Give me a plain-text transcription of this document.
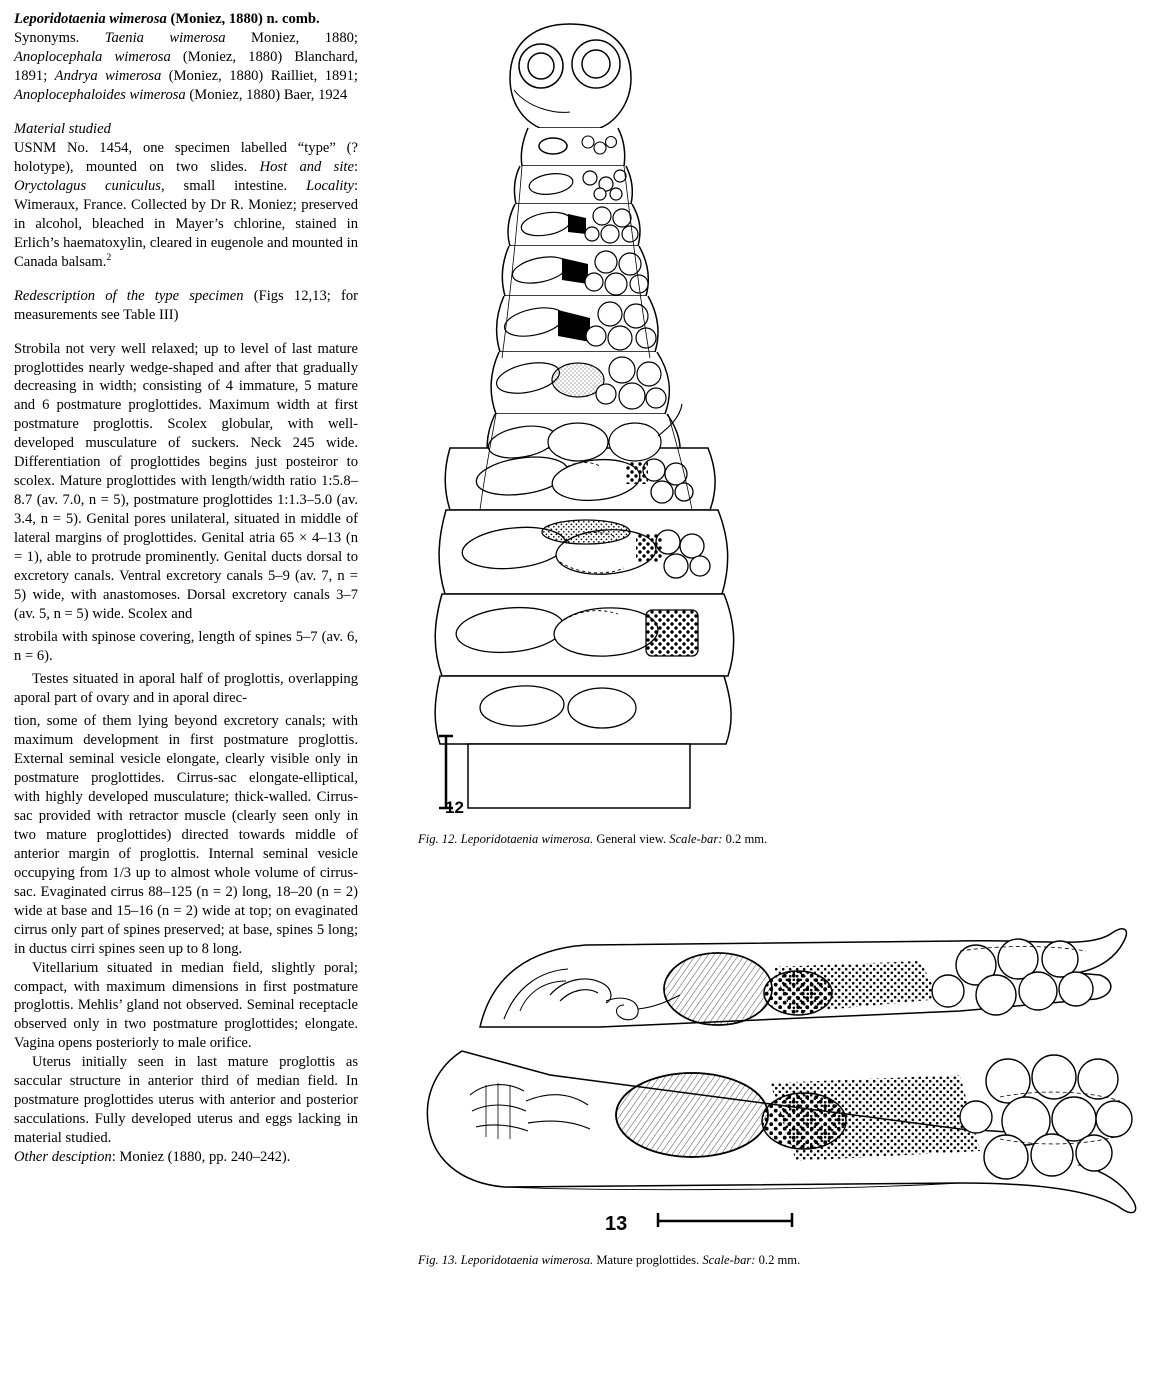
Leporidotaenia wimerosa (Moniez, 1880) n. comb.

Synonyms. Taenia wimerosa Moniez, 1880; Anoplocephala wimerosa (Moniez, 1880) Blanchard, 1891; Andrya wimerosa (Moniez, 1880) Railliet, 1891; Anoplocephaloides wimerosa (Moniez, 1880) Baer, 1924

Material studied

USNM No. 1454, one specimen labelled “type” (? holotype), mounted on two slides. Host and site: Oryctolagus cuniculus, small intestine. Locality: Wimeraux, France. Collected by Dr R. Moniez; preserved in alcohol, bleached in Mayer’s chlorine, stained in Erlich’s haematoxylin, cleared in eugenole and mounted in Canada balsam.$^2$

Redescription of the type specimen (Figs 12,13; for measurements see Table III)

Strobila not very well relaxed; up to level of last mature proglottides nearly wedge-shaped and after that gradually decreasing in width; consisting of 4 immature, 5 mature and 6 postmature proglottides. Maximum width at first postmature proglottis. Scolex globular, with well-developed musculature of suckers. Neck 245 wide. Differentiation of proglottides begins just posteiror to scolex. Mature proglottides with length/width ratio 1:5.8–8.7 (av. 7.0, n = 5), postmature proglottides 1:1.3–5.0 (av. 3.4, n = 5). Genital pores unilateral, situated in middle of lateral margins of proglottides. Genital atria 65 × 4–13 (n = 1), able to protrude prominently. Genital ducts dorsal to excretory canals. Ventral excretory canals 5–9 (av. 7, n = 5) wide, with anastomoses. Dorsal excretory canals 3–7 (av. 5, n = 5) wide. Scolex and

strobila with spinose covering, length of spines 5–7 (av. 6, n = 6).

Testes situated in aporal half of proglottis, overlapping aporal part of ovary and in aporal direc-

tion, some of them lying beyond excretory canals; with maximum development in first postmature proglottis. External seminal vesicle elongate, clearly visible only in postmature proglottides. Cirrus-sac elongate-elliptical, with highly developed musculature; thick-walled. Cirrus-sac provided with retractor muscle (clearly seen only in two mature proglottides) directed towards middle of anterior margin of proglottis. Internal seminal vesicle occupying from 1/3 up to almost whole volume of cirrus-sac. Evaginated cirrus 88–125 (n = 2) long, 18–20 (n = 2) wide at base and 15–16 (n = 2) wide at top; on evaginated cirrus only part of spines preserved; at base, spines 5 long; in ductus cirri spines seen up to 8 long.

Vitellarium situated in median field, slightly poral; compact, with maximum dimensions in first postmature proglottis. Mehlis’ gland not observed. Seminal receptacle observed only in two postmature proglottides; elongate. Vagina opens posteriorly to male orifice.

Uterus initially seen in last mature proglottis as saccular structure in anterior third of median field. In postmature proglottides uterus with anterior and posterior sacculations. Fully developed uterus and eggs lacking in material studied.

Other desciption: Moniez (1880, pp. 240–242).

12
Fig. 12. Leporidotaenia wimerosa. General view. Scale-bar: 0.2 mm.
13
Fig. 13. Leporidotaenia wimerosa. Mature proglottides. Scale-bar: 0.2 mm.
